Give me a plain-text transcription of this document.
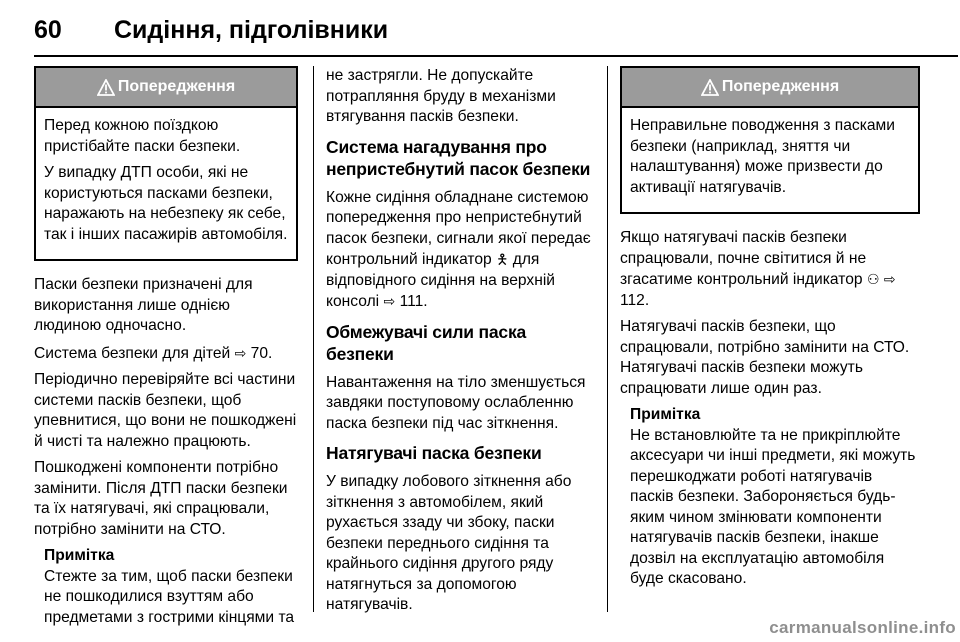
60 Сидіння, підголівники
Попередження

Перед кожною поїздкою пристібайте паски безпеки.

У випадку ДТП особи, які не користуються пасками безпеки, наражають на небезпеку як себе, так і інших пасажирів автомобіля.

Паски безпеки призначені для використання лише однією людиною одночасно.

Система безпеки для дітей ⇨ 70.

Періодично перевіряйте всі частини системи пасків безпеки, щоб упевнитися, що вони не пошкоджені й чисті та належно працюють.

Пошкоджені компоненти потрібно замінити. Після ДТП паски безпеки та їх натягувачі, які спрацювали, потрібно замінити на СТО.

Примітка

Стежте за тим, щоб паски безпеки не пошкодилися взуттям або предметами з гострими кінцями та

не застрягли. Не допускайте потрапляння бруду в механізми втягування пасків безпеки.

Система нагадування про непристебнутий пасок безпеки

Кожне сидіння обладнане системою попередження про непристебнутий пасок безпеки, сигнали якої передає контрольний індикатор 🯅 для відповідного сидіння на верхній консолі ⇨ 111.

Обмежувачі сили паска безпеки

Навантаження на тіло зменшується завдяки поступовому ослабленню паска безпеки під час зіткнення.

Натягувачі паска безпеки

У випадку лобового зіткнення або зіткнення з автомобілем, який рухається ззаду чи збоку, паски безпеки переднього сидіння та крайнього сидіння другого ряду натягнуться за допомогою натягувачів.

Попередження

Неправильне поводження з пасками безпеки (наприклад, зняття чи налаштування) може призвести до активації натягувачів.

Якщо натягувачі пасків безпеки спрацювали, почне світитися й не згасатиме контрольний індикатор ⚇ ⇨ 112.

Натягувачі пасків безпеки, що спрацювали, потрібно замінити на СТО. Натягувачі пасків безпеки можуть спрацювати лише один раз.

Примітка

Не встановлюйте та не прикріплюйте аксесуари чи інші предмети, які можуть перешкоджати роботі натягувачів пасків безпеки. Забороняється будь-яким чином змінювати компоненти натягувачів пасків безпеки, інакше дозвіл на експлуатацію автомобіля буде скасовано.

carmanualsonline.info
